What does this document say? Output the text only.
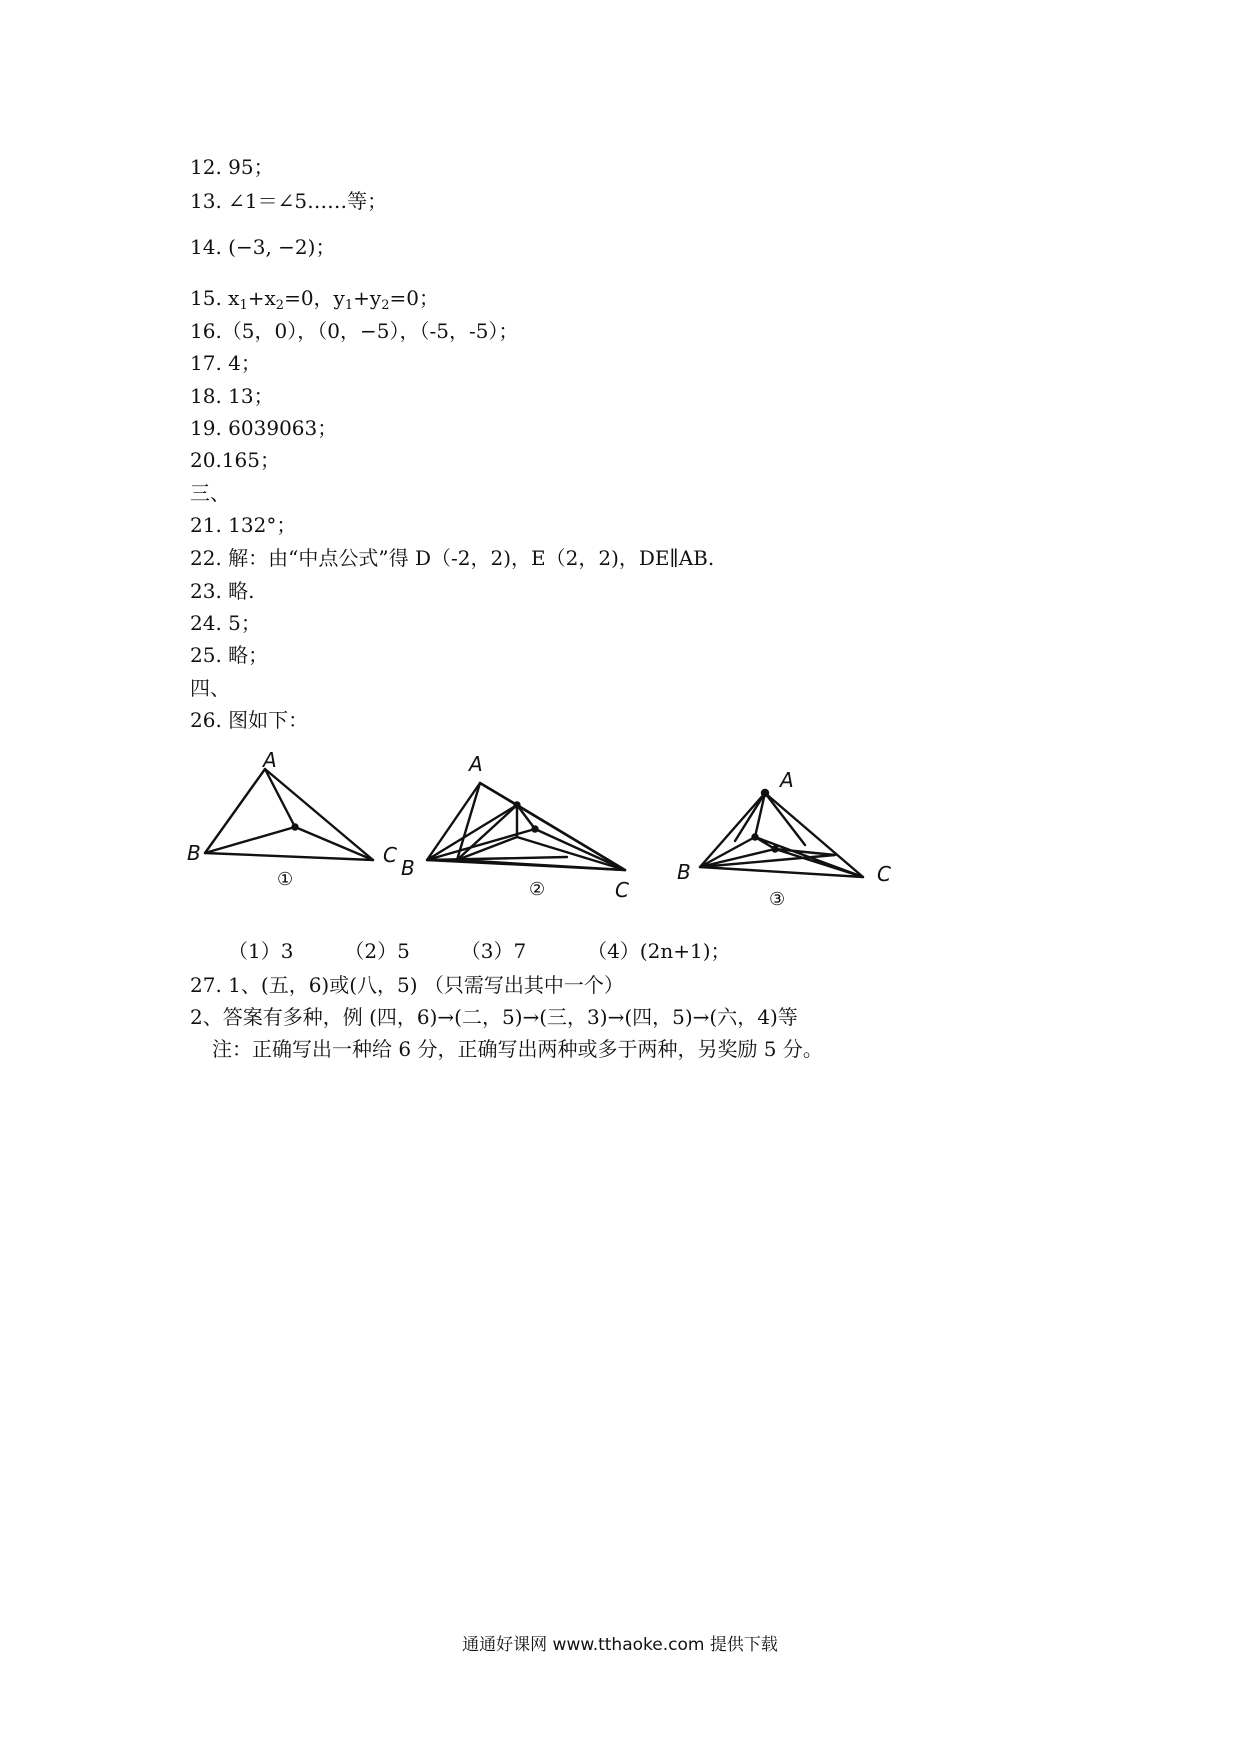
12. 95；
13. ∠1＝∠5……等；
14. (−3, −2)；
15. $x_1+x_2=0$，$y_1+y_2=0$；
16.（5，0），（0，−5），（-5，-5）；
17. 4；
18. 13；
19. 6039063；
20.165；
三、
21. 132°；
22. 解：由“中点公式”得 D（-2，2)，E（2，2)，DE∥AB.
23. 略.
24. 5；
25. 略；
四、
26. 图如下：
A
B	C
①
A
B
C
②
A
B	C
③
（1）3	（2）5	（3）7	（4）(2n+1)；
27. 1、(五，6)或(八，5) （只需写出其中一个）
2、答案有多种，例 (四，6)→(二，5)→(三，3)→(四，5)→(六，4)等
注：正确写出一种给 6 分，正确写出两种或多于两种，另奖励 5 分。
通通好课网 www.tthaoke.com 提供下载
